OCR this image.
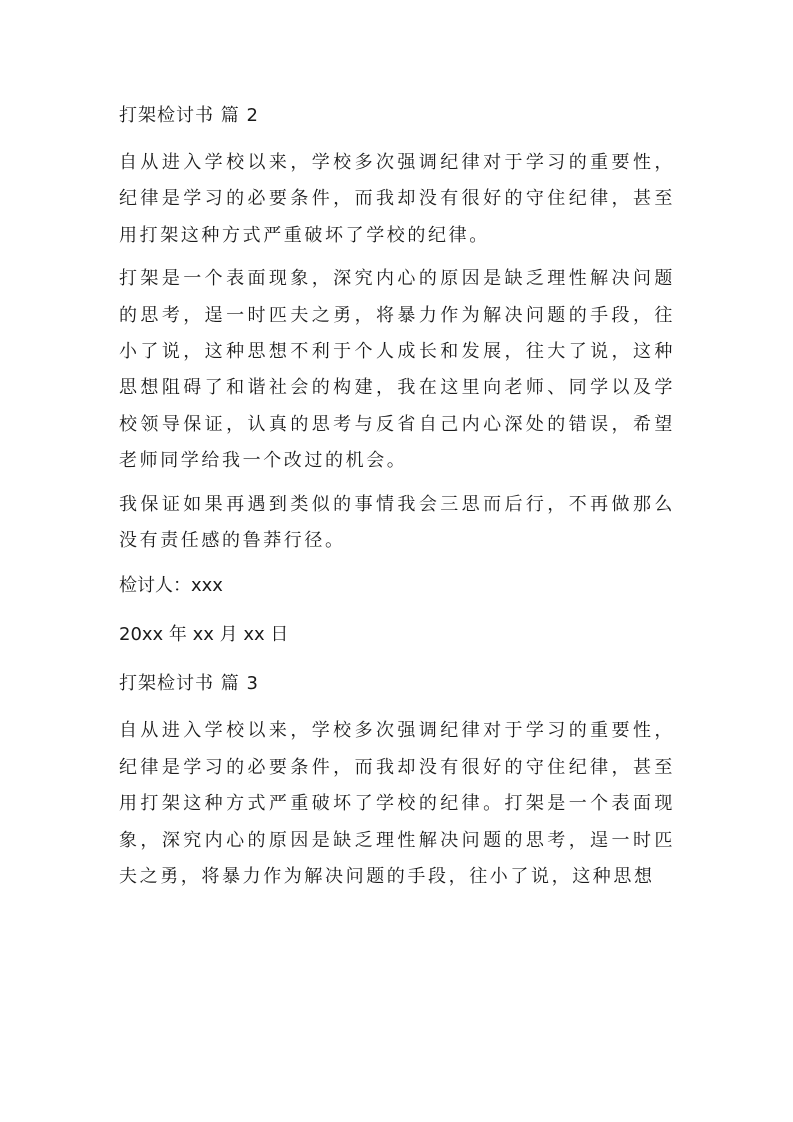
打架检讨书 篇 2

自从进入学校以来，学校多次强调纪律对于学习的重要性，纪律是学习的必要条件，而我却没有很好的守住纪律，甚至用打架这种方式严重破坏了学校的纪律。

打架是一个表面现象，深究内心的原因是缺乏理性解决问题的思考，逞一时匹夫之勇，将暴力作为解决问题的手段，往小了说，这种思想不利于个人成长和发展，往大了说，这种思想阻碍了和谐社会的构建，我在这里向老师、同学以及学校领导保证，认真的思考与反省自己内心深处的错误，希望老师同学给我一个改过的机会。

我保证如果再遇到类似的事情我会三思而后行，不再做那么没有责任感的鲁莽行径。

检讨人：xxx
20xx 年 xx 月 xx 日
打架检讨书 篇 3

自从进入学校以来，学校多次强调纪律对于学习的重要性，纪律是学习的必要条件，而我却没有很好的守住纪律，甚至用打架这种方式严重破坏了学校的纪律。打架是一个表面现象，深究内心的原因是缺乏理性解决问题的思考，逞一时匹夫之勇，将暴力作为解决问题的手段，往小了说，这种思想
